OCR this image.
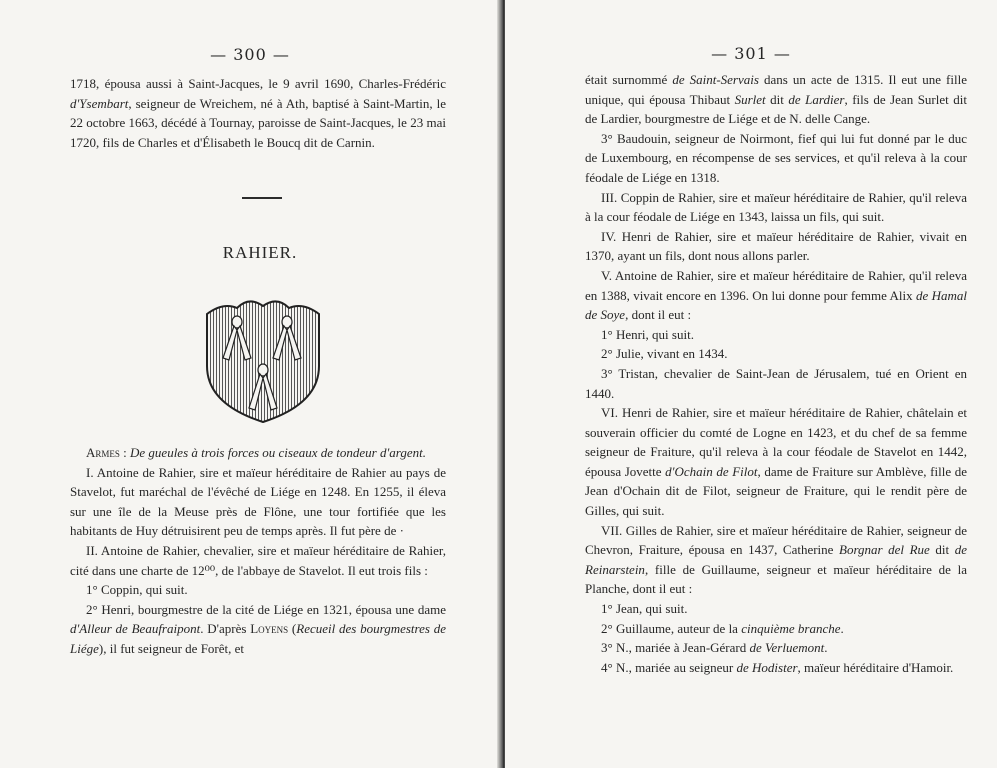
— 300 —

1718, épousa aussi à Saint-Jacques, le 9 avril 1690, Charles-Frédéric d'Ysembart, seigneur de Wreichem, né à Ath, baptisé à Saint-Martin, le 22 octobre 1663, décédé à Tournay, paroisse de Saint-Jacques, le 23 mai 1720, fils de Charles et d'Élisabeth le Boucq dit de Carnin.

RAHIER.

Armes : De gueules à trois forces ou ciseaux de tondeur d'argent.

I. Antoine de Rahier, sire et maïeur héréditaire de Rahier au pays de Stavelot, fut maréchal de l'évêché de Liége en 1248. En 1255, il éleva sur une île de la Meuse près de Flône, une tour fortifiée que les habitants de Huy détruisirent peu de temps après. Il fut père de ·

II. Antoine de Rahier, chevalier, sire et maïeur héréditaire de Rahier, cité dans une charte de 12⁰⁰, de l'abbaye de Stavelot. Il eut trois fils :

1° Coppin, qui suit.

2° Henri, bourgmestre de la cité de Liége en 1321, épousa une dame d'Alleur de Beaufraipont. D'après Loyens (Recueil des bourgmestres de Liége), il fut seigneur de Forêt, et

— 301 —

était surnommé de Saint-Servais dans un acte de 1315. Il eut une fille unique, qui épousa Thibaut Surlet dit de Lardier, fils de Jean Surlet dit de Lardier, bourgmestre de Liége et de N. delle Cange.

3° Baudouin, seigneur de Noirmont, fief qui lui fut donné par le duc de Luxembourg, en récompense de ses services, et qu'il releva à la cour féodale de Liége en 1318.

III. Coppin de Rahier, sire et maïeur héréditaire de Rahier, qu'il releva à la cour féodale de Liége en 1343, laissa un fils, qui suit.

IV. Henri de Rahier, sire et maïeur héréditaire de Rahier, vivait en 1370, ayant un fils, dont nous allons parler.

V. Antoine de Rahier, sire et maïeur héréditaire de Rahier, qu'il releva en 1388, vivait encore en 1396. On lui donne pour femme Alix de Hamal de Soye, dont il eut :

1° Henri, qui suit.

2° Julie, vivant en 1434.

3° Tristan, chevalier de Saint-Jean de Jérusalem, tué en Orient en 1440.

VI. Henri de Rahier, sire et maïeur héréditaire de Rahier, châtelain et souverain officier du comté de Logne en 1423, et du chef de sa femme seigneur de Fraiture, qu'il releva à la cour féodale de Stavelot en 1442, épousa Jovette d'Ochain de Filot, dame de Fraiture sur Amblève, fille de Jean d'Ochain dit de Filot, seigneur de Fraiture, qui le rendit père de Gilles, qui suit.

VII. Gilles de Rahier, sire et maïeur héréditaire de Rahier, seigneur de Chevron, Fraiture, épousa en 1437, Catherine Borgnar del Rue dit de Reinarstein, fille de Guillaume, seigneur et maïeur héréditaire de la Planche, dont il eut :

1° Jean, qui suit.

2° Guillaume, auteur de la cinquième branche.

3° N., mariée à Jean-Gérard de Verluemont.

4° N., mariée au seigneur de Hodister, maïeur héréditaire d'Hamoir.
